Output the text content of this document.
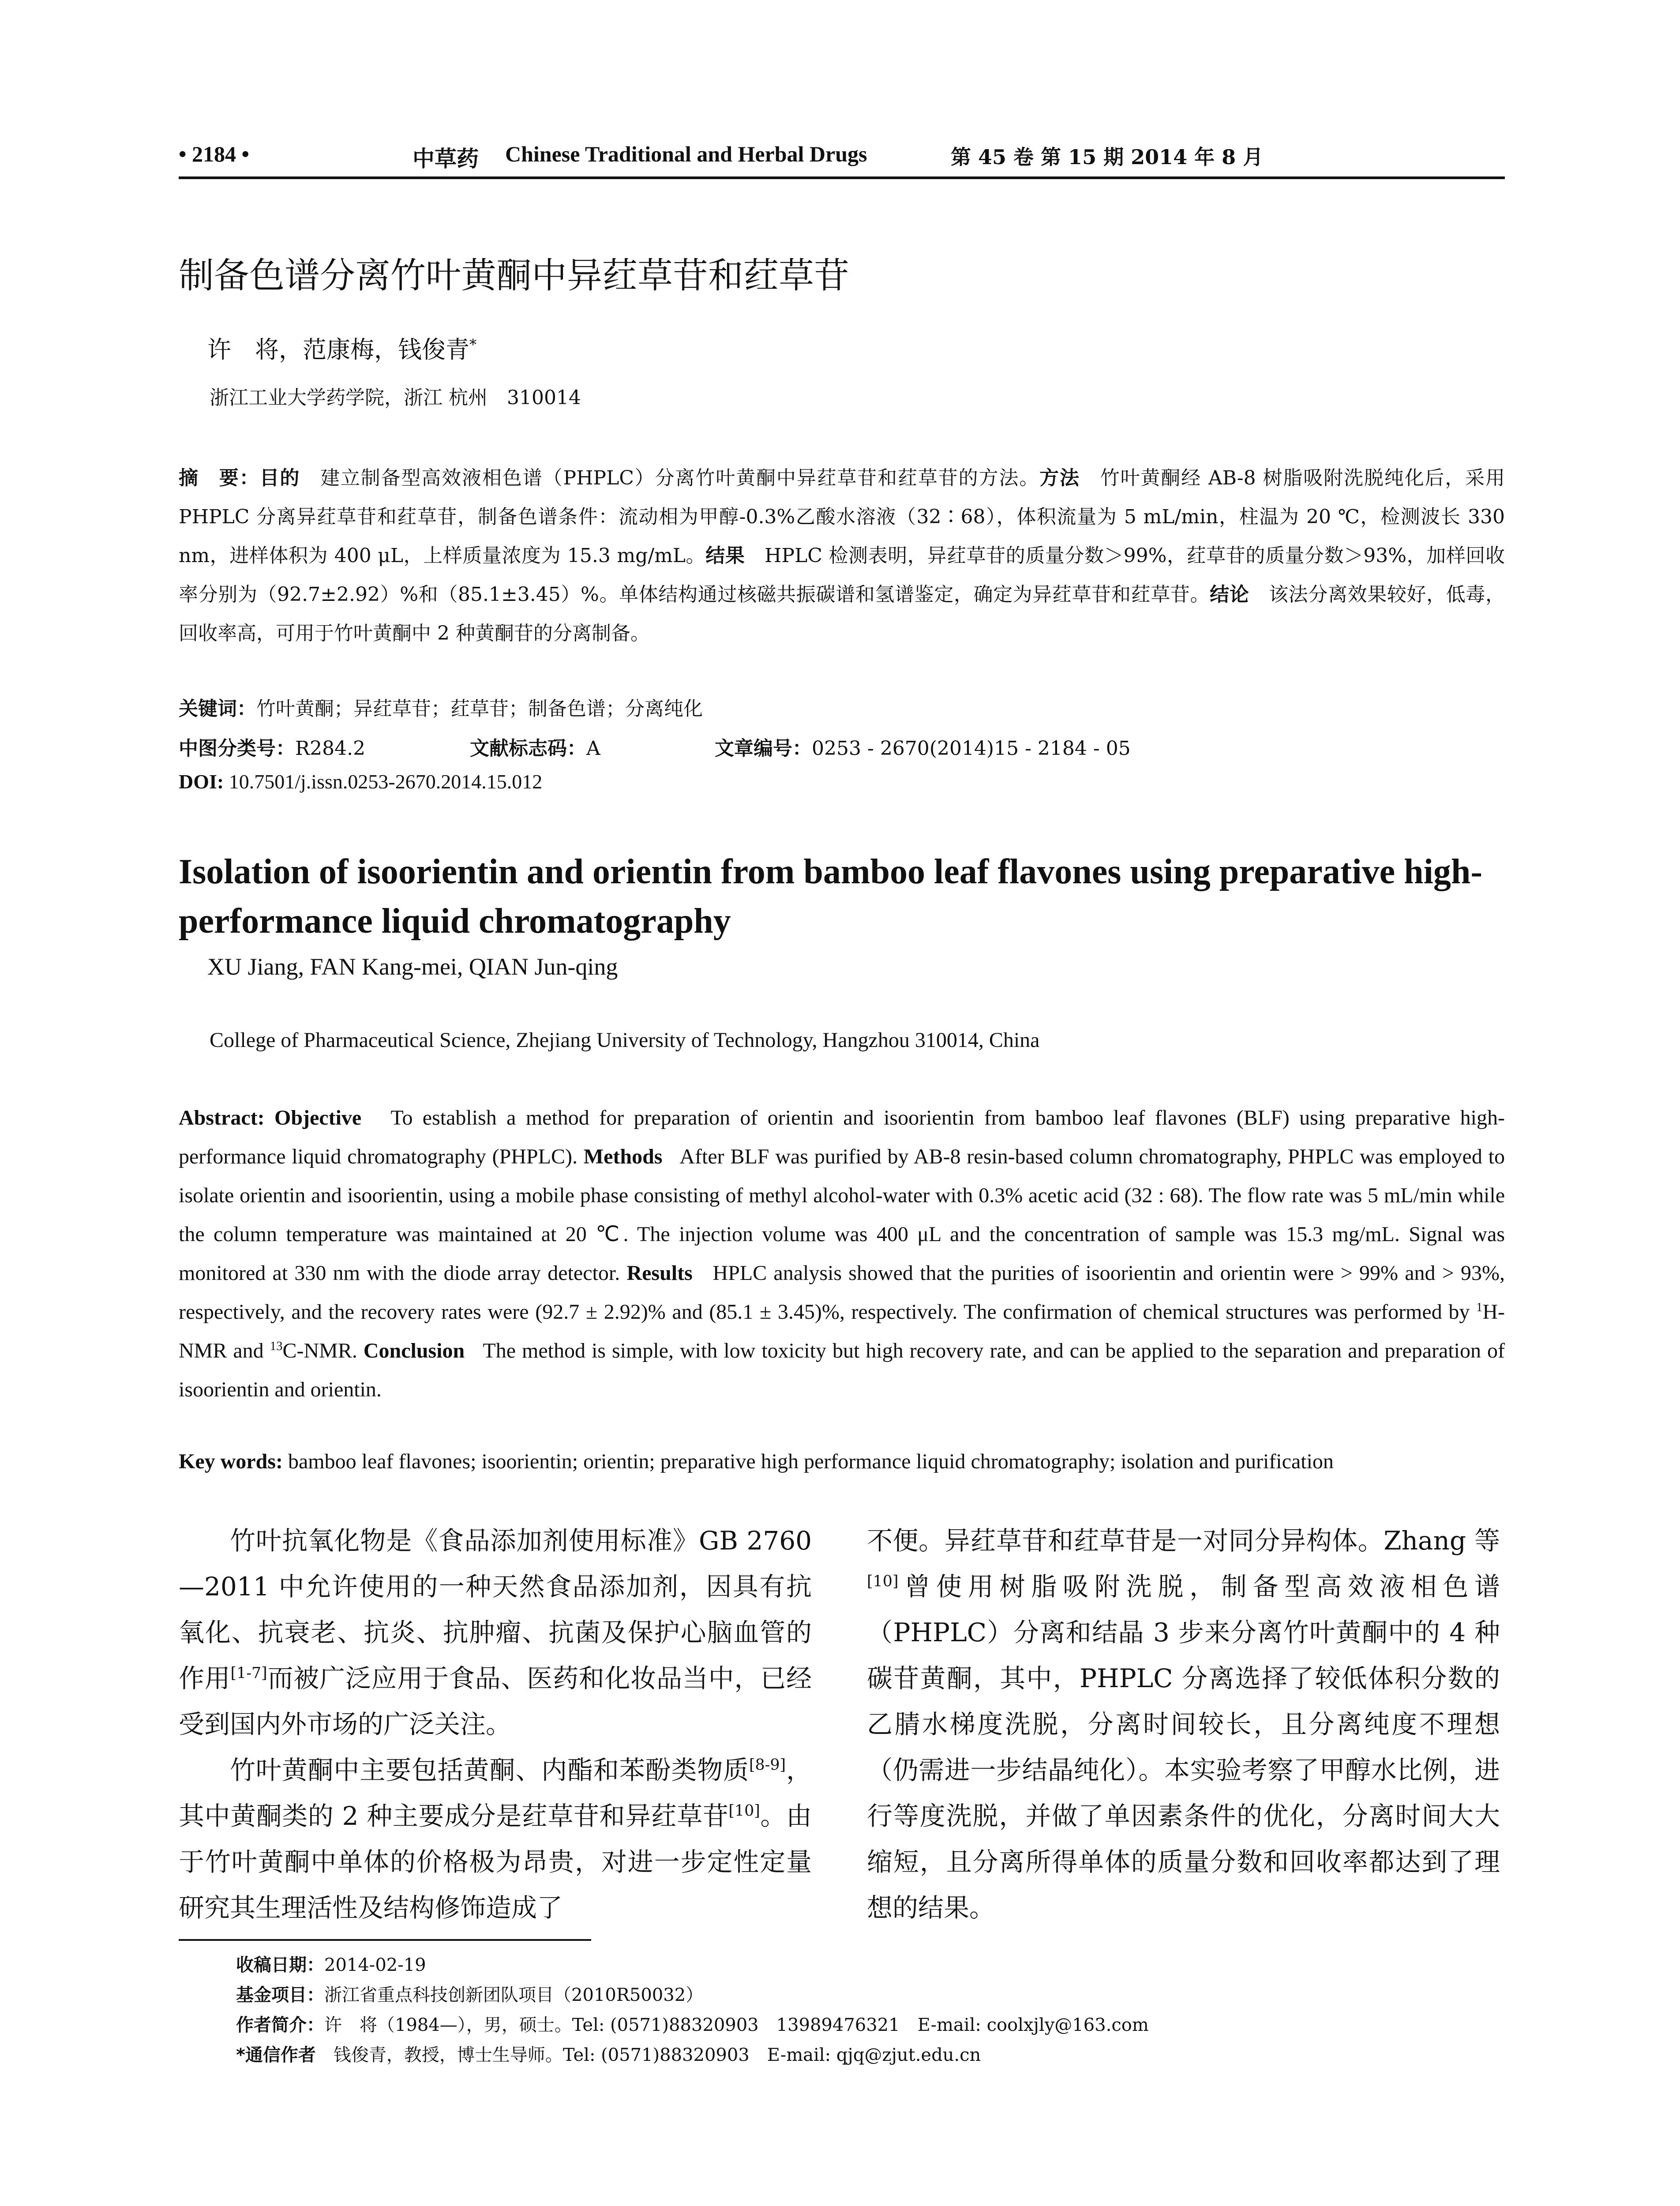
• 2184 •	中草药 Chinese Traditional and Herbal Drugs	第 45 卷 第 15 期 2014 年 8 月
制备色谱分离竹叶黄酮中异荭草苷和荭草苷
许　将，范康梅，钱俊青*
浙江工业大学药学院，浙江 杭州　310014
摘　要：目的　 建立制备型高效液相色谱（PHPLC）分离竹叶黄酮中异荭草苷和荭草苷的方法。方法　 竹叶黄酮经 AB-8 树脂吸附洗脱纯化后，采用 PHPLC 分离异荭草苷和荭草苷，制备色谱条件：流动相为甲醇-0.3%乙酸水溶液（32∶68），体积流量为 5 mL/min，柱温为 20 ℃，检测波长 330 nm，进样体积为 400 μL，上样质量浓度为 15.3 mg/mL。结果　 HPLC 检测表明，异荭草苷的质量分数＞99%，荭草苷的质量分数＞93%，加样回收率分别为（92.7±2.92）%和（85.1±3.45）%。单体结构通过核磁共振碳谱和氢谱鉴定，确定为异荭草苷和荭草苷。结论　 该法分离效果较好，低毒，回收率高，可用于竹叶黄酮中 2 种黄酮苷的分离制备。
关键词：竹叶黄酮；异荭草苷；荭草苷；制备色谱；分离纯化
中图分类号：R284.2	文献标志码：A	文章编号：0253 - 2670(2014)15 - 2184 - 05
DOI: 10.7501/j.issn.0253-2670.2014.15.012
Isolation of isoorientin and orientin from bamboo leaf flavones using preparative high-performance liquid chromatography
XU Jiang, FAN Kang-mei, QIAN Jun-qing
College of Pharmaceutical Science, Zhejiang University of Technology, Hangzhou 310014, China
Abstract: Objective To establish a method for preparation of orientin and isoorientin from bamboo leaf flavones (BLF) using preparative high-performance liquid chromatography (PHPLC). Methods After BLF was purified by AB-8 resin-based column chromatography, PHPLC was employed to isolate orientin and isoorientin, using a mobile phase consisting of methyl alcohol-water with 0.3% acetic acid (32 : 68). The flow rate was 5 mL/min while the column temperature was maintained at 20 ℃. The injection volume was 400 μL and the concentration of sample was 15.3 mg/mL. Signal was monitored at 330 nm with the diode array detector. Results HPLC analysis showed that the purities of isoorientin and orientin were > 99% and > 93%, respectively, and the recovery rates were (92.7 ± 2.92)% and (85.1 ± 3.45)%, respectively. The confirmation of chemical structures was performed by $^1$H-NMR and $^{13}$C-NMR. Conclusion The method is simple, with low toxicity but high recovery rate, and can be applied to the separation and preparation of isoorientin and orientin.
Key words: bamboo leaf flavones; isoorientin; orientin; preparative high performance liquid chromatography; isolation and purification

竹叶抗氧化物是《食品添加剂使用标准》GB 2760—2011 中允许使用的一种天然食品添加剂，因具有抗氧化、抗衰老、抗炎、抗肿瘤、抗菌及保护心脑血管的作用[1-7]而被广泛应用于食品、医药和化妆品当中，已经受到国内外市场的广泛关注。

竹叶黄酮中主要包括黄酮、内酯和苯酚类物质[8-9]，其中黄酮类的 2 种主要成分是荭草苷和异荭草苷[10]。由于竹叶黄酮中单体的价格极为昂贵，对进一步定性定量研究其生理活性及结构修饰造成了

不便。异荭草苷和荭草苷是一对同分异构体。Zhang 等[10]曾使用树脂吸附洗脱，制备型高效液相色谱（PHPLC）分离和结晶 3 步来分离竹叶黄酮中的 4 种碳苷黄酮，其中，PHPLC 分离选择了较低体积分数的乙腈水梯度洗脱，分离时间较长，且分离纯度不理想（仍需进一步结晶纯化）。本实验考察了甲醇水比例，进行等度洗脱，并做了单因素条件的优化，分离时间大大缩短，且分离所得单体的质量分数和回收率都达到了理想的结果。

收稿日期：2014-02-19
基金项目：浙江省重点科技创新团队项目（2010R50032）
作者简介：许　将（1984—），男，硕士。Tel: (0571)88320903　13989476321　E-mail: coolxjly@163.com
*通信作者　 钱俊青，教授，博士生导师。Tel: (0571)88320903　E-mail: qjq@zjut.edu.cn
